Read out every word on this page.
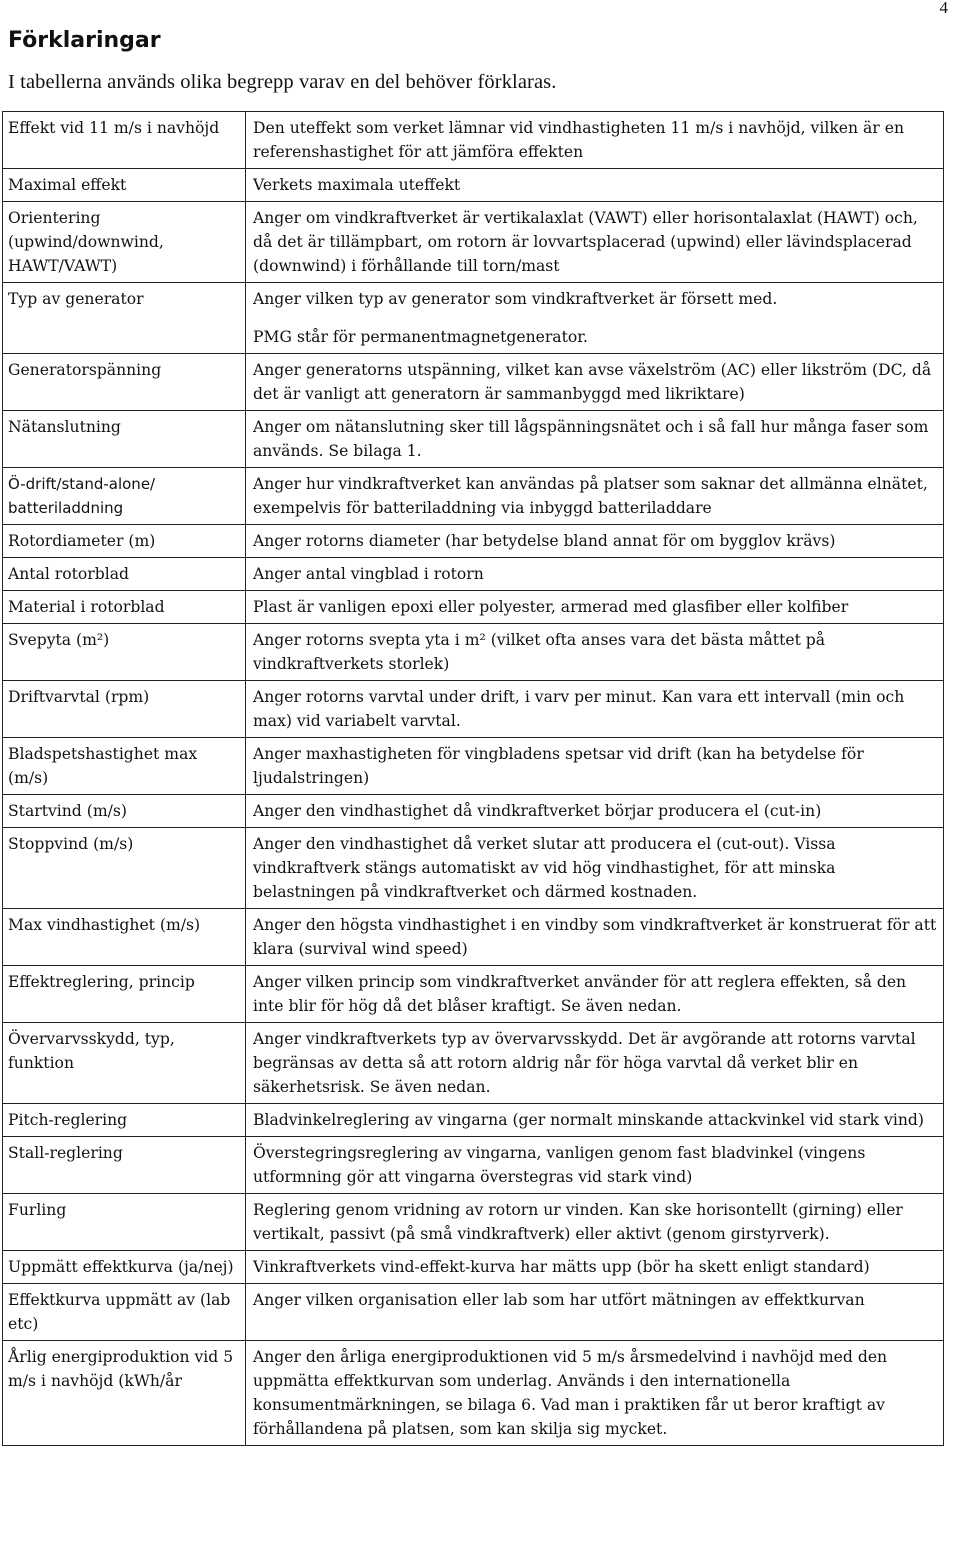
4
Förklaringar

I tabellerna används olika begrepp varav en del behöver förklaras.

Effekt vid 11 m/s i navhöjd	Den uteffekt som verket lämnar vid vindhastigheten 11 m/s i navhöjd, vilken är en referenshastighet för att jämföra effekten
Maximal effekt	Verkets maximala uteffekt
Orientering (upwind/downwind, HAWT/VAWT)	Anger om vindkraftverket är vertikalaxlat (VAWT) eller horisontalaxlat (HAWT) och, då det är tillämpbart, om rotorn är lovvartsplacerad (upwind) eller lävindsplacerad (downwind) i förhållande till torn/mast
Typ av generator	Anger vilken typ av generator som vindkraftverket är försett med.
PMG står för permanentmagnetgenerator.

Generatorspänning	Anger generatorns utspänning, vilket kan avse växelström (AC) eller likström (DC, då det är vanligt att generatorn är sammanbyggd med likriktare)
Nätanslutning	Anger om nätanslutning sker till lågspänningsnätet och i så fall hur många faser som används. Se bilaga 1.
Ö-drift/stand-alone/ batteriladdning	Anger hur vindkraftverket kan användas på platser som saknar det allmänna elnätet, exempelvis för batteriladdning via inbyggd batteriladdare
Rotordiameter (m)	Anger rotorns diameter (har betydelse bland annat för om bygglov krävs)
Antal rotorblad	Anger antal vingblad i rotorn
Material i rotorblad	Plast är vanligen epoxi eller polyester, armerad med glasfiber eller kolfiber
Svepyta (m²)	Anger rotorns svepta yta i m² (vilket ofta anses vara det bästa måttet på vindkraftverkets storlek)
Driftvarvtal (rpm)	Anger rotorns varvtal under drift, i varv per minut. Kan vara ett intervall (min och max) vid variabelt varvtal.
Bladspetshastighet max (m/s)	Anger maxhastigheten för vingbladens spetsar vid drift (kan ha betydelse för ljudalstringen)
Startvind (m/s)	Anger den vindhastighet då vindkraftverket börjar producera el (cut-in)
Stoppvind (m/s)	Anger den vindhastighet då verket slutar att producera el (cut-out). Vissa vindkraftverk stängs automatiskt av vid hög vindhastighet, för att minska belastningen på vindkraftverket och därmed kostnaden.
Max vindhastighet (m/s)	Anger den högsta vindhastighet i en vindby som vindkraftverket är konstruerat för att klara (survival wind speed)
Effektreglering, princip	Anger vilken princip som vindkraftverket använder för att reglera effekten, så den inte blir för hög då det blåser kraftigt. Se även nedan.
Övervarvsskydd, typ, funktion	Anger vindkraftverkets typ av övervarvsskydd. Det är avgörande att rotorns varvtal begränsas av detta så att rotorn aldrig når för höga varvtal då verket blir en säkerhetsrisk. Se även nedan.
Pitch-reglering	Bladvinkelreglering av vingarna (ger normalt minskande attackvinkel vid stark vind)
Stall-reglering	Överstegringsreglering av vingarna, vanligen genom fast bladvinkel (vingens utformning gör att vingarna överstegras vid stark vind)
Furling	Reglering genom vridning av rotorn ur vinden. Kan ske horisontellt (girning) eller vertikalt, passivt (på små vindkraftverk) eller aktivt (genom girstyrverk).
Uppmätt effektkurva (ja/nej)	Vinkraftverkets vind-effekt-kurva har mätts upp (bör ha skett enligt standard)
Effektkurva uppmätt av (lab etc)	Anger vilken organisation eller lab som har utfört mätningen av effektkurvan
Årlig energiproduktion vid 5 m/s i navhöjd (kWh/år	Anger den årliga energiproduktionen vid 5 m/s årsmedelvind i navhöjd med den uppmätta effektkurvan som underlag. Används i den internationella konsumentmärkningen, se bilaga 6. Vad man i praktiken får ut beror kraftigt av förhållandena på platsen, som kan skilja sig mycket.
